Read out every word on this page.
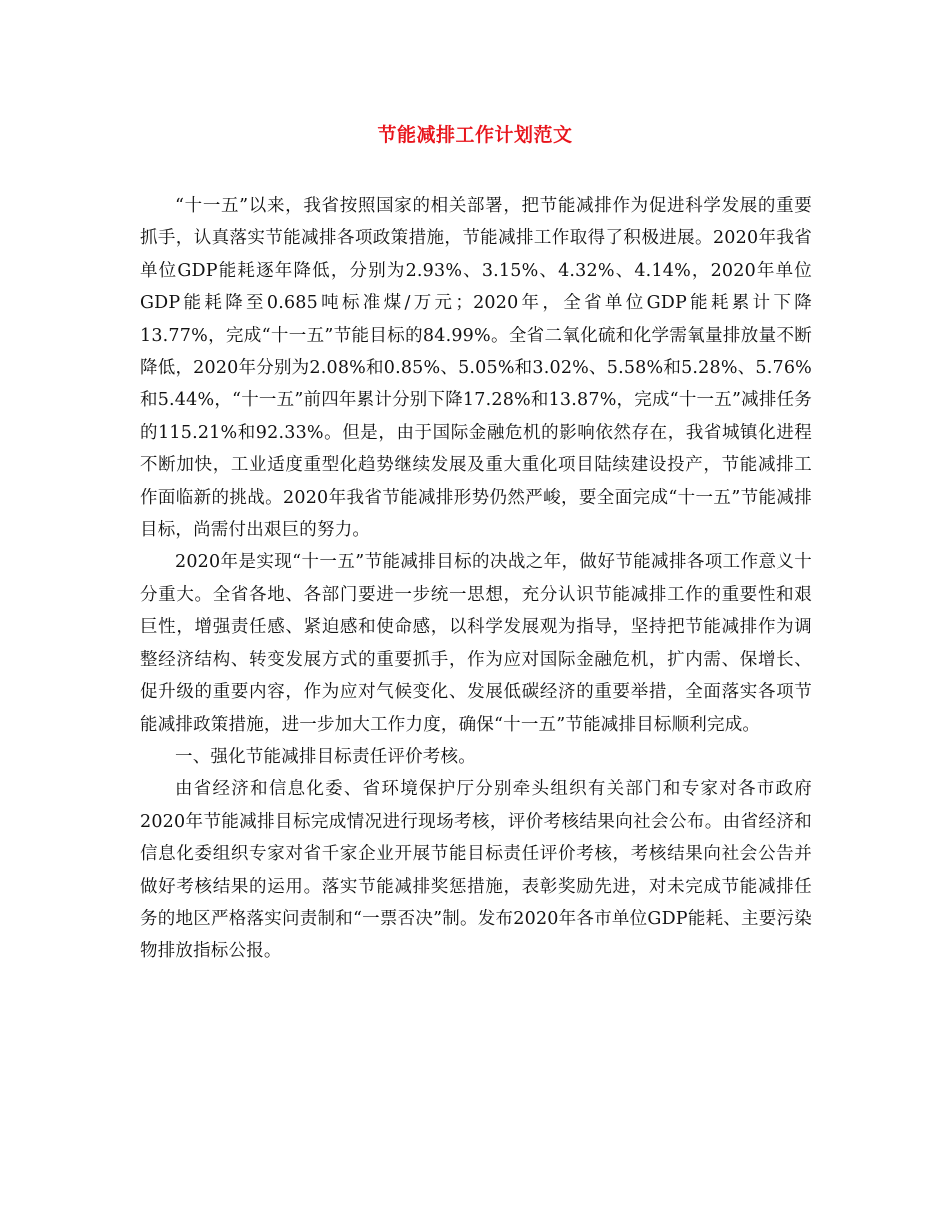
节能减排工作计划范文

“十一五”以来，我省按照国家的相关部署，把节能减排作为促进科学发展的重要抓手，认真落实节能减排各项政策措施，节能减排工作取得了积极进展。2020年我省单位GDP能耗逐年降低，分别为2.93%、3.15%、4.32%、4.14%，2020年单位GDP能耗降至0.685吨标准煤/万元；2020年，全省单位GDP能耗累计下降13.77%，完成“十一五”节能目标的84.99%。全省二氧化硫和化学需氧量排放量不断降低，2020年分别为2.08%和0.85%、5.05%和3.02%、5.58%和5.28%、5.76%和5.44%，“十一五”前四年累计分别下降17.28%和13.87%，完成“十一五”减排任务的115.21%和92.33%。但是，由于国际金融危机的影响依然存在，我省城镇化进程不断加快，工业适度重型化趋势继续发展及重大重化项目陆续建设投产，节能减排工作面临新的挑战。2020年我省节能减排形势仍然严峻，要全面完成“十一五”节能减排目标，尚需付出艰巨的努力。

2020年是实现“十一五”节能减排目标的决战之年，做好节能减排各项工作意义十分重大。全省各地、各部门要进一步统一思想，充分认识节能减排工作的重要性和艰巨性，增强责任感、紧迫感和使命感，以科学发展观为指导，坚持把节能减排作为调整经济结构、转变发展方式的重要抓手，作为应对国际金融危机，扩内需、保增长、促升级的重要内容，作为应对气候变化、发展低碳经济的重要举措，全面落实各项节能减排政策措施，进一步加大工作力度，确保“十一五”节能减排目标顺利完成。

一、强化节能减排目标责任评价考核。

由省经济和信息化委、省环境保护厅分别牵头组织有关部门和专家对各市政府2020年节能减排目标完成情况进行现场考核，评价考核结果向社会公布。由省经济和信息化委组织专家对省千家企业开展节能目标责任评价考核，考核结果向社会公告并做好考核结果的运用。落实节能减排奖惩措施，表彰奖励先进，对未完成节能减排任务的地区严格落实问责制和“一票否决”制。发布2020年各市单位GDP能耗、主要污染物排放指标公报。
